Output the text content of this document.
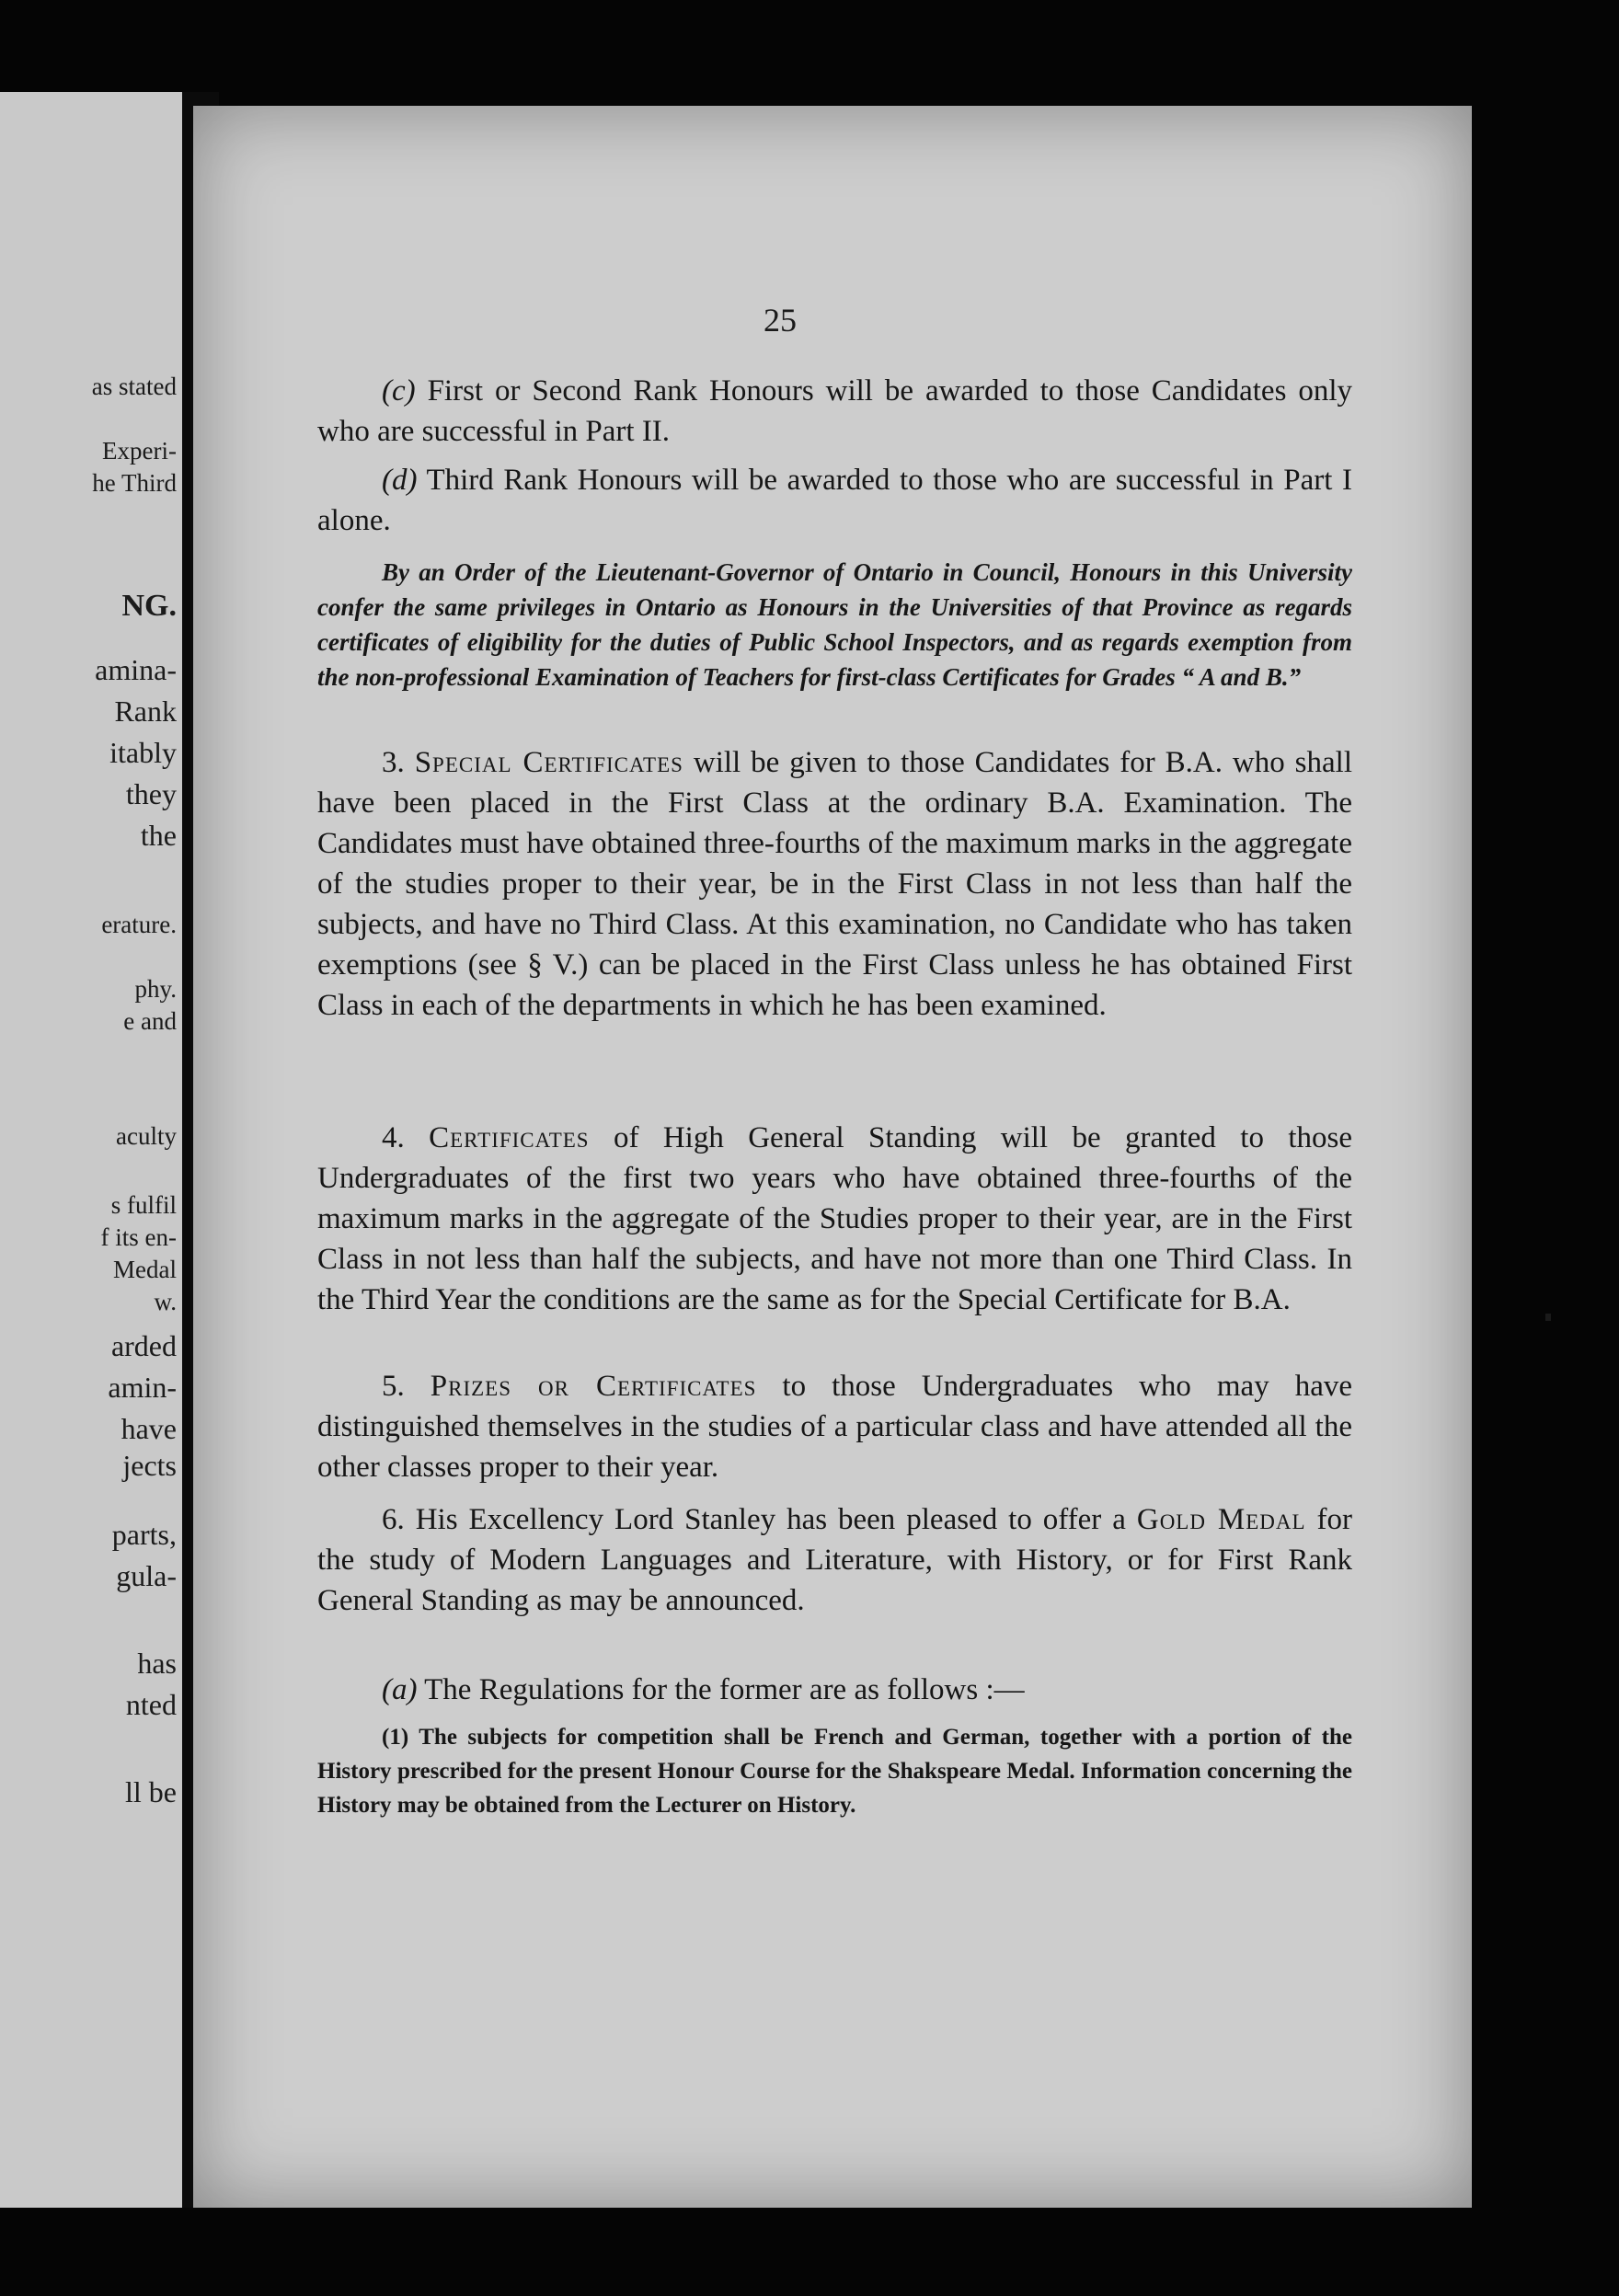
as stated

Experi-

he Third

NG.

amina-

Rank

itably

they

the

erature.

phy.

e and

aculty

s fulfil

f its en-

Medal

w.

arded

amin-

have

jects

parts,

gula-

has

nted

ll be

25

(c) First or Second Rank Honours will be awarded to those Candidates only who are successful in Part II.

(d) Third Rank Honours will be awarded to those who are successful in Part I alone.

By an Order of the Lieutenant-Governor of Ontario in Council, Honours in this University confer the same privileges in Ontario as Honours in the Universities of that Province as regards certificates of eligibility for the duties of Public School Inspectors, and as regards exemption from the non-professional Examination of Teachers for first-class Certificates for Grades “ A and B.”

3. Special Certificates will be given to those Candidates for B.A. who shall have been placed in the First Class at the ordinary B.A. Examination. The Candidates must have obtained three-fourths of the maximum marks in the aggregate of the studies proper to their year, be in the First Class in not less than half the subjects, and have no Third Class. At this examination, no Candidate who has taken exemptions (see § V.) can be placed in the First Class unless he has obtained First Class in each of the departments in which he has been examined.

4. Certificates of High General Standing will be granted to those Undergraduates of the first two years who have obtained three-fourths of the maximum marks in the aggregate of the Studies proper to their year, are in the First Class in not less than half the subjects, and have not more than one Third Class. In the Third Year the conditions are the same as for the Special Certificate for B.A.

5. Prizes or Certificates to those Undergraduates who may have distinguished themselves in the studies of a particular class and have attended all the other classes proper to their year.

6. His Excellency Lord Stanley has been pleased to offer a Gold Medal for the study of Modern Languages and Literature, with History, or for First Rank General Standing as may be announced.

(a) The Regulations for the former are as follows :—

(1) The subjects for competition shall be French and German, together with a portion of the History prescribed for the present Honour Course for the Shakspeare Medal. Information concerning the History may be obtained from the Lecturer on History.
